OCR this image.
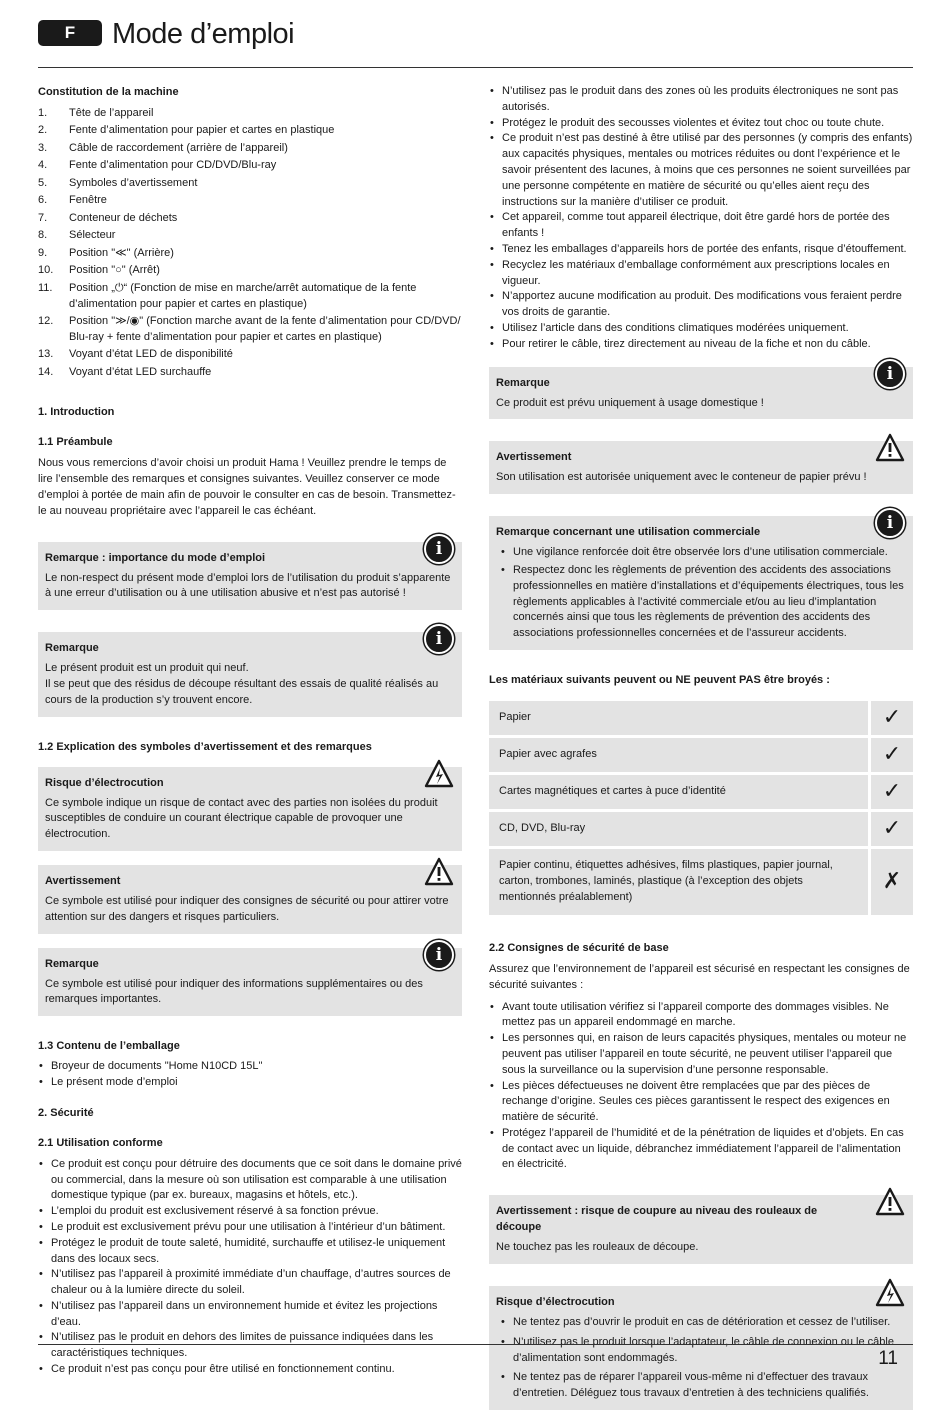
F	Mode d’emploi
Constitution de la machine
1.	Tête de l’appareil
2.	Fente d’alimentation pour papier et cartes en plastique
3.	Câble de raccordement (arrière de l’appareil)
4.	Fente d’alimentation pour CD/DVD/Blu-ray
5.	Symboles d’avertissement
6.	Fenêtre
7.	Conteneur de déchets
8.	Sélecteur
9.	Position "≪" (Arrière)
10.	Position "○" (Arrêt)
11.	Position „⏻“ (Fonction de mise en marche/arrêt automatique de la fente d’alimentation pour papier et cartes en plastique)
12.	Position "≫/◉" (Fonction marche avant de la fente d’alimentation pour CD/DVD/ Blu-ray + fente d’alimentation pour papier et cartes en plastique)
13.	Voyant d’état LED de disponibilité
14.	Voyant d’état LED surchauffe
1. Introduction
1.1 Préambule

Nous vous remercions d’avoir choisi un produit Hama ! Veuillez prendre le temps de lire l’ensemble des remarques et consignes suivantes. Veuillez conserver ce mode d’emploi à portée de main afin de pouvoir le consulter en cas de besoin. Transmettez-le au nouveau propriétaire avec l’appareil le cas échéant.

Remarque : importance du mode d’emploi	i

Le non-respect du présent mode d’emploi lors de l’utilisation du produit s’apparente à une erreur d’utilisation ou à une utilisation abusive et n’est pas autorisé !

Remarque	i

Le présent produit est un produit qui neuf.

Il se peut que des résidus de découpe résultant des essais de qualité réalisés au cours de la production s’y trouvent encore.

1.2 Explication des symboles d’avertissement et des remarques
Risque d’électrocution

Ce symbole indique un risque de contact avec des parties non isolées du produit susceptibles de conduire un courant électrique capable de provoquer une électrocution.

Avertissement

Ce symbole est utilisé pour indiquer des consignes de sécurité ou pour attirer votre attention sur des dangers et risques particuliers.

Remarque	i

Ce symbole est utilisé pour indiquer des informations supplémentaires ou des remarques importantes.

1.3 Contenu de l’emballage
• Broyeur de documents "Home N10CD 15L"
• Le présent mode d’emploi
2. Sécurité
2.1 Utilisation conforme
• Ce produit est conçu pour détruire des documents que ce soit dans le domaine privé ou commercial, dans la mesure où son utilisation est comparable à une utilisation domestique typique (par ex. bureaux, magasins et hôtels, etc.).
• L’emploi du produit est exclusivement réservé à sa fonction prévue.
• Le produit est exclusivement prévu pour une utilisation à l’intérieur d’un bâtiment.
• Protégez le produit de toute saleté, humidité, surchauffe et utilisez-le uniquement dans des locaux secs.
• N’utilisez pas l’appareil à proximité immédiate d’un chauffage, d’autres sources de chaleur ou à la lumière directe du soleil.
• N’utilisez pas l’appareil dans un environnement humide et évitez les projections d’eau.
• N’utilisez pas le produit en dehors des limites de puissance indiquées dans les caractéristiques techniques.
• Ce produit n’est pas conçu pour être utilisé en fonctionnement continu.
• N’utilisez pas le produit dans des zones où les produits électroniques ne sont pas autorisés.
• Protégez le produit des secousses violentes et évitez tout choc ou toute chute.
• Ce produit n’est pas destiné à être utilisé par des personnes (y compris des enfants) aux capacités physiques, mentales ou motrices réduites ou dont l’expérience et le savoir présentent des lacunes, à moins que ces personnes ne soient surveillées par une personne compétente en matière de sécurité ou qu’elles aient reçu des instructions sur la manière d’utiliser ce produit.
• Cet appareil, comme tout appareil électrique, doit être gardé hors de portée des enfants !
• Tenez les emballages d’appareils hors de portée des enfants, risque d’étouffement.
• Recyclez les matériaux d’emballage conformément aux prescriptions locales en vigueur.
• N’apportez aucune modification au produit. Des modifications vous feraient perdre vos droits de garantie.
• Utilisez l’article dans des conditions climatiques modérées uniquement.
• Pour retirer le câble, tirez directement au niveau de la fiche et non du câble.
Remarque	i

Ce produit est prévu uniquement à usage domestique !

Avertissement

Son utilisation est autorisée uniquement avec le conteneur de papier prévu !

Remarque concernant une utilisation commerciale	i
• Une vigilance renforcée doit être observée lors d’une utilisation commerciale.
• Respectez donc les règlements de prévention des accidents des associations professionnelles en matière d’installations et d’équipements électriques, tous les règlements applicables à l’activité commerciale et/ou au lieu d’implantation concernés ainsi que tous les règlements de prévention des accidents des associations professionnelles concernées et de l’assureur accidents.
Les matériaux suivants peuvent ou NE peuvent PAS être broyés :
Papier	✓
Papier avec agrafes	✓
Cartes magnétiques et cartes à puce d’identité	✓
CD, DVD, Blu-ray	✓
Papier continu, étiquettes adhésives, films plastiques, papier journal, carton, trombones, laminés, plastique (à l’exception des objets mentionnés préalablement)	✗
2.2 Consignes de sécurité de base

Assurez que l’environnement de l’appareil est sécurisé en respectant les consignes de sécurité suivantes :

• Avant toute utilisation vérifiez si l’appareil comporte des dommages visibles. Ne mettez pas un appareil endommagé en marche.
• Les personnes qui, en raison de leurs capacités physiques, mentales ou moteur ne peuvent pas utiliser l’appareil en toute sécurité, ne peuvent utiliser l’appareil que sous la surveillance ou la supervision d’une personne responsable.
• Les pièces défectueuses ne doivent être remplacées que par des pièces de rechange d’origine. Seules ces pièces garantissent le respect des exigences en matière de sécurité.
• Protégez l’appareil de l’humidité et de la pénétration de liquides et d’objets. En cas de contact avec un liquide, débranchez immédiatement l’appareil de l’alimentation en électricité.
Avertissement : risque de coupure au niveau des rouleaux de découpe

Ne touchez pas les rouleaux de découpe.

Risque d’électrocution
• Ne tentez pas d’ouvrir le produit en cas de détérioration et cessez de l’utiliser.
• N’utilisez pas le produit lorsque l’adaptateur, le câble de connexion ou le câble d’alimentation sont endommagés.
• Ne tentez pas de réparer l’appareil vous-même ni d’effectuer des travaux d’entretien. Déléguez tous travaux d’entretien à des techniciens qualifiés.
11
